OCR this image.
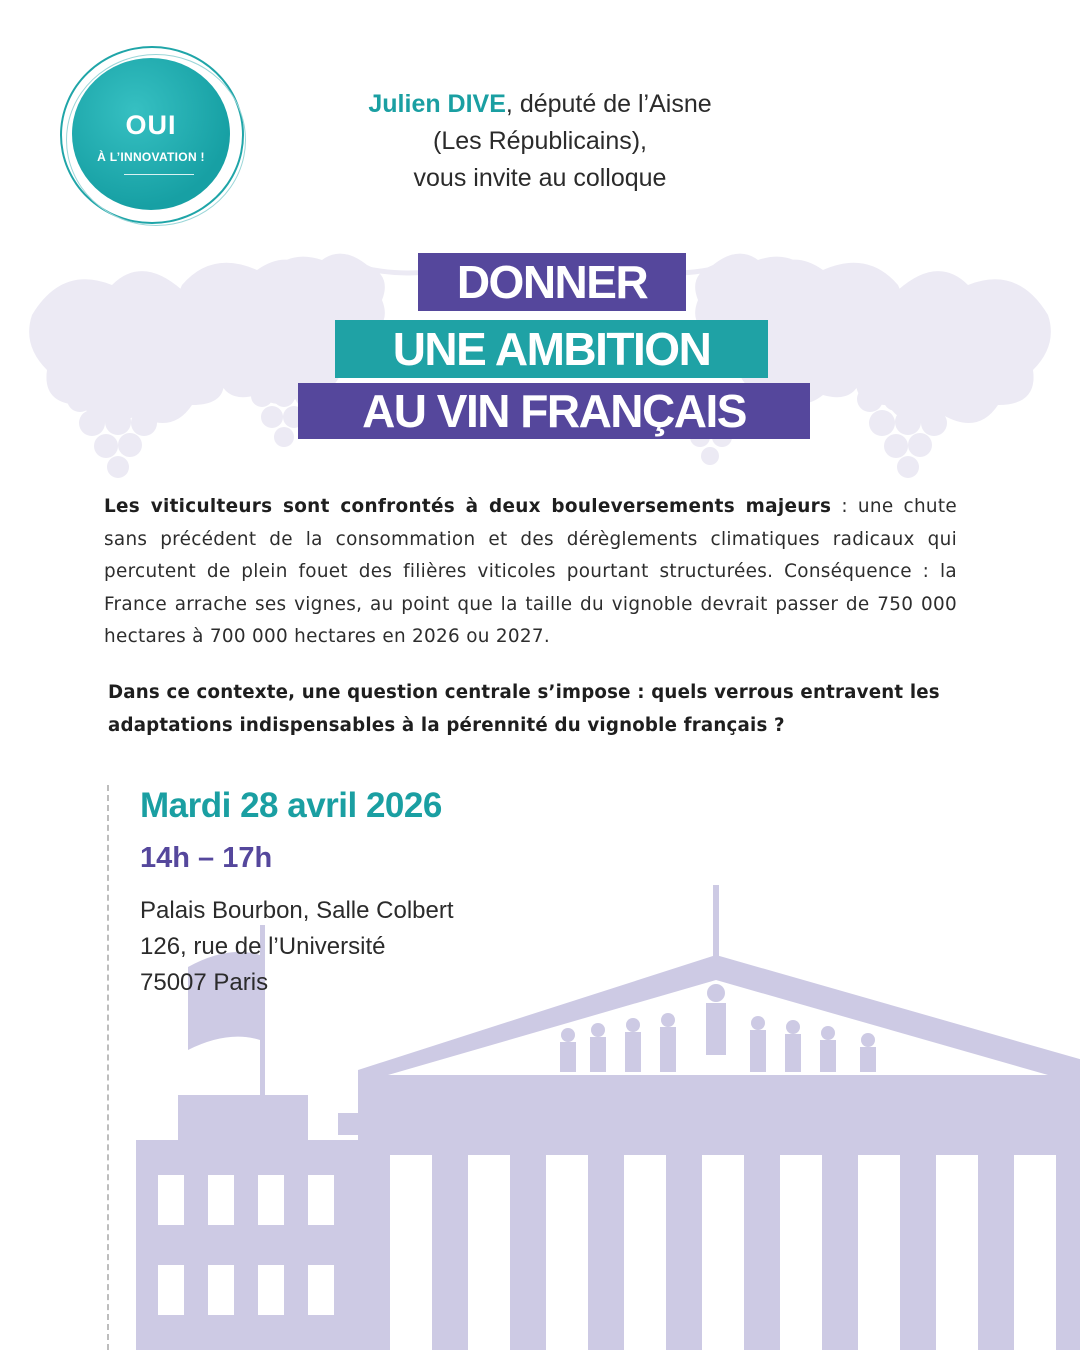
OUI
À L’INNOVATION !
Julien DIVE, député de l’Aisne
(Les Républicains),
vous invite au colloque
DONNER
UNE AMBITION
AU VIN FRANÇAIS
Les viticulteurs sont confrontés à deux bouleversements majeurs : une chute sans précédent de la consommation et des dérèglements climatiques radicaux qui percutent de plein fouet des filières viticoles pourtant structurées. Conséquence : la France arrache ses vignes, au point que la taille du vignoble devrait passer de 750 000 hectares à 700 000 hectares en 2026 ou 2027.
Dans ce contexte, une question centrale s’impose : quels verrous entravent les adaptations indispensables à la pérennité du vignoble français ?
Mardi 28 avril 2026
14h – 17h
Palais Bourbon, Salle Colbert
126, rue de l’Université
75007 Paris
